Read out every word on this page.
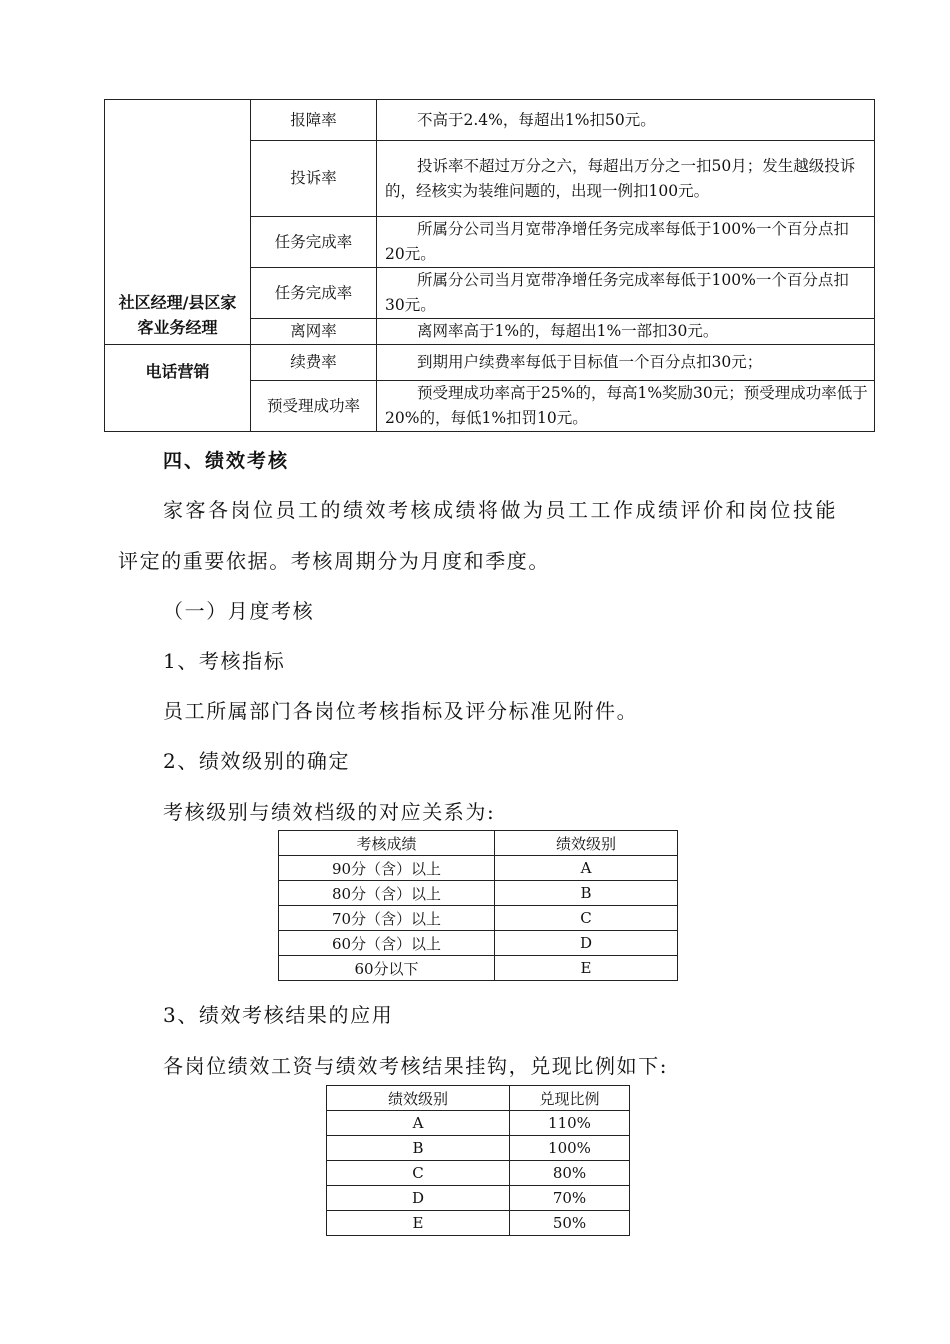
社区经理/县区家客业务经理	报障率	不高于2.4%，每超出1%扣50元。
	投诉率	投诉率不超过万分之六，每超出万分之一扣50月；发生越级投诉的，经核实为装维问题的，出现一例扣100元。
	任务完成率	所属分公司当月宽带净增任务完成率每低于100%一个百分点扣20元。
	任务完成率	所属分公司当月宽带净增任务完成率每低于100%一个百分点扣30元。
	离网率	离网率高于1%的，每超出1%一部扣30元。
电话营销	续费率	到期用户续费率每低于目标值一个百分点扣30元；
	预受理成功率	预受理成功率高于25%的，每高1%奖励30元；预受理成功率低于20%的，每低1%扣罚10元。
四、绩效考核
家客各岗位员工的绩效考核成绩将做为员工工作成绩评价和岗位技能
评定的重要依据。考核周期分为月度和季度。
（一）月度考核
1、考核指标
员工所属部门各岗位考核指标及评分标准见附件。
2、绩效级别的确定
考核级别与绩效档级的对应关系为:
考核成绩	绩效级别
90分（含）以上	A
80分（含）以上	B
70分（含）以上	C
60分（含）以上	D
60分以下	E
3、绩效考核结果的应用
各岗位绩效工资与绩效考核结果挂钩，兑现比例如下:
绩效级别	兑现比例
A	110%
B	100%
C	80%
D	70%
E	50%
